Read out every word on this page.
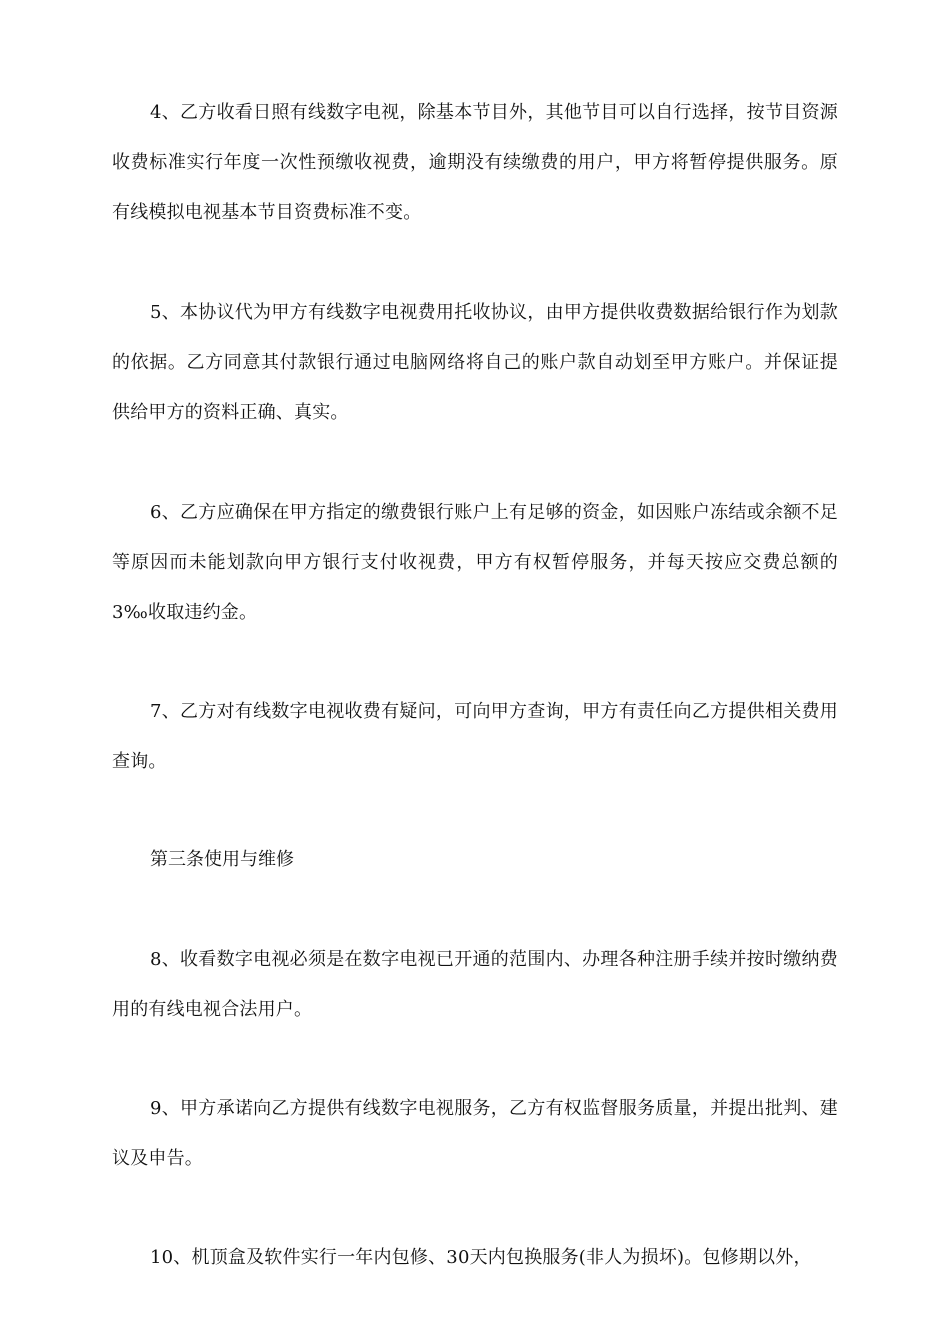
4、乙方收看日照有线数字电视，除基本节目外，其他节目可以自行选择，按节目资源收费标准实行年度一次性预缴收视费，逾期没有续缴费的用户，甲方将暂停提供服务。原有线模拟电视基本节目资费标准不变。

5、本协议代为甲方有线数字电视费用托收协议，由甲方提供收费数据给银行作为划款的依据。乙方同意其付款银行通过电脑网络将自己的账户款自动划至甲方账户。并保证提供给甲方的资料正确、真实。

6、乙方应确保在甲方指定的缴费银行账户上有足够的资金，如因账户冻结或余额不足等原因而未能划款向甲方银行支付收视费，甲方有权暂停服务，并每天按应交费总额的3‰收取违约金。

7、乙方对有线数字电视收费有疑问，可向甲方查询，甲方有责任向乙方提供相关费用查询。

第三条使用与维修

8、收看数字电视必须是在数字电视已开通的范围内、办理各种注册手续并按时缴纳费用的有线电视合法用户。

9、甲方承诺向乙方提供有线数字电视服务，乙方有权监督服务质量，并提出批判、建议及申告。

10、机顶盒及软件实行一年内包修、30天内包换服务(非人为损坏)。包修期以外，
